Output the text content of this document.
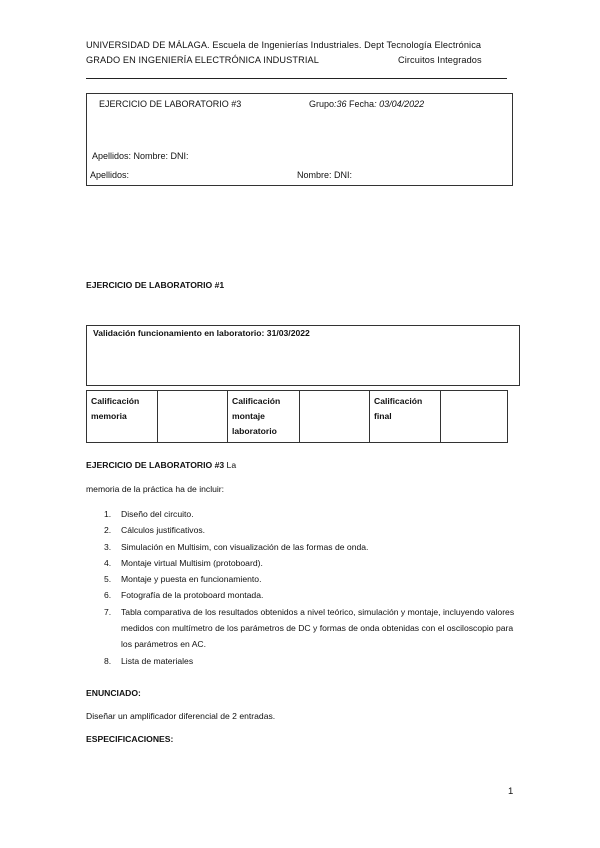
UNIVERSIDAD DE MÁLAGA. Escuela de Ingenierías Industriales. Dept Tecnología Electrónica
GRADO EN INGENIERÍA ELECTRÓNICA INDUSTRIAL	Circuitos Integrados
EJERCICIO DE LABORATORIO #3	Grupo:36 Fecha: 03/04/2022
Apellidos: Nombre: DNI:
Apellidos:	Nombre: DNI:
EJERCICIO DE LABORATORIO #1
Validación funcionamiento en laboratorio: 31/03/2022
Calificación memoria		Calificación montaje laboratorio		Calificación final	
EJERCICIO DE LABORATORIO #3 La
memoria de la práctica ha de incluir:
1. Diseño del circuito.
2. Cálculos justificativos.
3. Simulación en Multisim, con visualización de las formas de onda.
4. Montaje virtual Multisim (protoboard).
5. Montaje y puesta en funcionamiento.
6. Fotografía de la protoboard montada.
7. Tabla comparativa de los resultados obtenidos a nivel teórico, simulación y montaje, incluyendo valores medidos con multímetro de los parámetros de DC y formas de onda obtenidas con el osciloscopio para los parámetros en AC.
8. Lista de materiales
ENUNCIADO:
Diseñar un amplificador diferencial de 2 entradas.
ESPECIFICACIONES:
1
